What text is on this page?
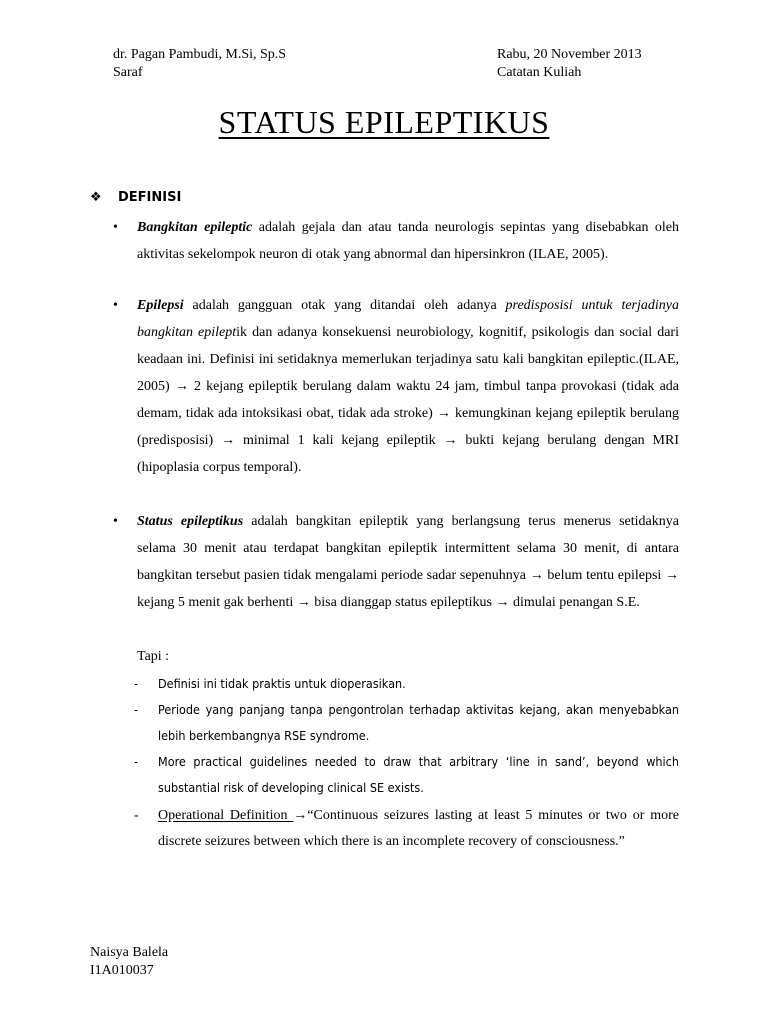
dr. Pagan Pambudi, M.Si, Sp.S
Saraf
Rabu, 20 November 2013
Catatan Kuliah
STATUS EPILEPTIKUS
❖ DEFINISI
• Bangkitan epileptic adalah gejala dan atau tanda neurologis sepintas yang disebabkan oleh aktivitas sekelompok neuron di otak yang abnormal dan hipersinkron (ILAE, 2005).
• Epilepsi adalah gangguan otak yang ditandai oleh adanya predisposisi untuk terjadinya bangkitan epileptik dan adanya konsekuensi neurobiology, kognitif, psikologis dan social dari keadaan ini. Definisi ini setidaknya memerlukan terjadinya satu kali bangkitan epileptic.(ILAE, 2005) → 2 kejang epileptik berulang dalam waktu 24 jam, timbul tanpa provokasi (tidak ada demam, tidak ada intoksikasi obat, tidak ada stroke) → kemungkinan kejang epileptik berulang (predisposisi) → minimal 1 kali kejang epileptik → bukti kejang berulang dengan MRI (hipoplasia corpus temporal).
• Status epileptikus adalah bangkitan epileptik yang berlangsung terus menerus setidaknya selama 30 menit atau terdapat bangkitan epileptik intermittent selama 30 menit, di antara bangkitan tersebut pasien tidak mengalami periode sadar sepenuhnya → belum tentu epilepsi → kejang 5 menit gak berhenti → bisa dianggap status epileptikus → dimulai penangan S.E.
Tapi :
- Definisi ini tidak praktis untuk dioperasikan.
- Periode yang panjang tanpa pengontrolan terhadap aktivitas kejang, akan menyebabkan lebih berkembangnya RSE syndrome.
- More practical guidelines needed to draw that arbitrary ‘line in sand’, beyond which substantial risk of developing clinical SE exists.
- Operational Definition →“Continuous seizures lasting at least 5 minutes or two or more discrete seizures between which there is an incomplete recovery of consciousness.”
Naisya Balela
I1A010037
